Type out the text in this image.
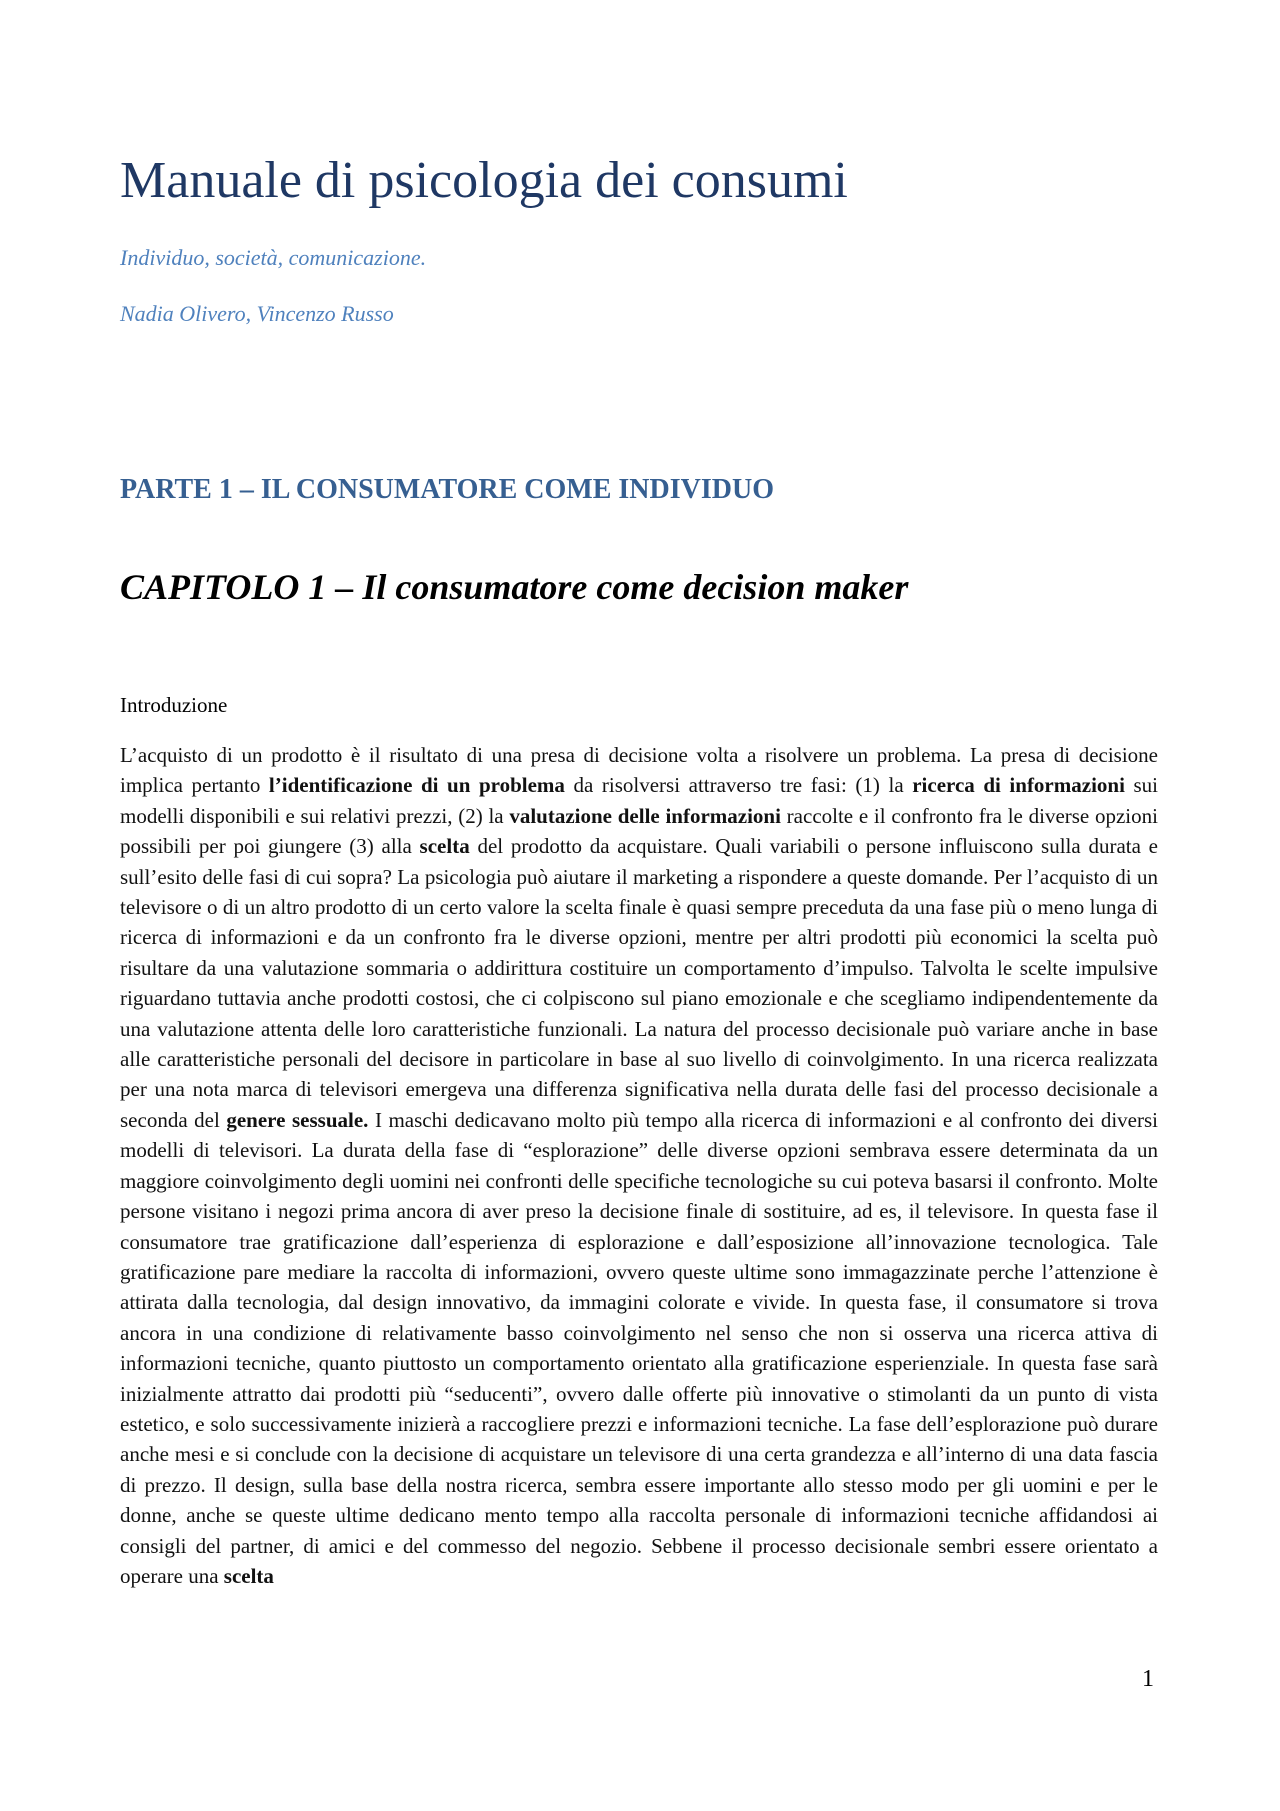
Manuale di psicologia dei consumi

Individuo, società, comunicazione.

Nadia Olivero, Vincenzo Russo

PARTE 1 – IL CONSUMATORE COME INDIVIDUO
CAPITOLO 1 – Il consumatore come decision maker

Introduzione

L’acquisto di un prodotto è il risultato di una presa di decisione volta a risolvere un problema. La presa di decisione implica pertanto l’identificazione di un problema da risolversi attraverso tre fasi: (1) la ricerca di informazioni sui modelli disponibili e sui relativi prezzi, (2) la valutazione delle informazioni raccolte e il confronto fra le diverse opzioni possibili per poi giungere (3) alla scelta del prodotto da acquistare. Quali variabili o persone influiscono sulla durata e sull’esito delle fasi di cui sopra? La psicologia può aiutare il marketing a rispondere a queste domande. Per l’acquisto di un televisore o di un altro prodotto di un certo valore la scelta finale è quasi sempre preceduta da una fase più o meno lunga di ricerca di informazioni e da un confronto fra le diverse opzioni, mentre per altri prodotti più economici la scelta può risultare da una valutazione sommaria o addirittura costituire un comportamento d’impulso. Talvolta le scelte impulsive riguardano tuttavia anche prodotti costosi, che ci colpiscono sul piano emozionale e che scegliamo indipendentemente da una valutazione attenta delle loro caratteristiche funzionali. La natura del processo decisionale può variare anche in base alle caratteristiche personali del decisore in particolare in base al suo livello di coinvolgimento. In una ricerca realizzata per una nota marca di televisori emergeva una differenza significativa nella durata delle fasi del processo decisionale a seconda del genere sessuale. I maschi dedicavano molto più tempo alla ricerca di informazioni e al confronto dei diversi modelli di televisori. La durata della fase di “esplorazione” delle diverse opzioni sembrava essere determinata da un maggiore coinvolgimento degli uomini nei confronti delle specifiche tecnologiche su cui poteva basarsi il confronto. Molte persone visitano i negozi prima ancora di aver preso la decisione finale di sostituire, ad es, il televisore. In questa fase il consumatore trae gratificazione dall’esperienza di esplorazione e dall’esposizione all’innovazione tecnologica. Tale gratificazione pare mediare la raccolta di informazioni, ovvero queste ultime sono immagazzinate perche l’attenzione è attirata dalla tecnologia, dal design innovativo, da immagini colorate e vivide. In questa fase, il consumatore si trova ancora in una condizione di relativamente basso coinvolgimento nel senso che non si osserva una ricerca attiva di informazioni tecniche, quanto piuttosto un comportamento orientato alla gratificazione esperienziale. In questa fase sarà inizialmente attratto dai prodotti più “seducenti”, ovvero dalle offerte più innovative o stimolanti da un punto di vista estetico, e solo successivamente inizierà a raccogliere prezzi e informazioni tecniche. La fase dell’esplorazione può durare anche mesi e si conclude con la decisione di acquistare un televisore di una certa grandezza e all’interno di una data fascia di prezzo. Il design, sulla base della nostra ricerca, sembra essere importante allo stesso modo per gli uomini e per le donne, anche se queste ultime dedicano mento tempo alla raccolta personale di informazioni tecniche affidandosi ai consigli del partner, di amici e del commesso del negozio. Sebbene il processo decisionale sembri essere orientato a operare una scelta

1
